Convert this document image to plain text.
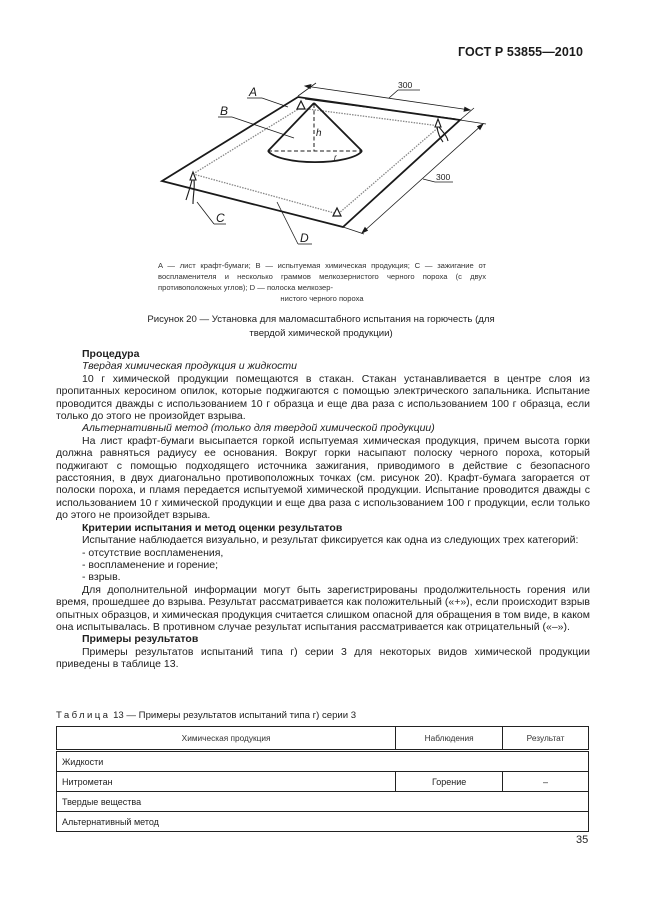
ГОСТ Р 53855—2010
h
r
300
300
A
B
C
D
A — лист крафт-бумаги; B — испытуемая химическая продукция; C — зажигание от воспламенителя и несколько граммов мелкозернистого черного пороха (с двух противоположных углов); D — полоска мелкозер-
нистого черного пороха
Рисунок 20 — Установка для маломасштабного испытания на горючесть (для твердой химической продукции)

Процедура

Твердая химическая продукция и жидкости

10 г химической продукции помещаются в стакан. Стакан устанавливается в центре слоя из пропитанных керосином опилок, которые поджигаются с помощью электрического запальника. Испытание проводится дважды с использованием 10 г образца и еще два раза с использованием 100 г образца, если только до этого не произойдет взрыва.

Альтернативный метод (только для твердой химической продукции)

На лист крафт-бумаги высыпается горкой испытуемая химическая продукция, причем высота горки должна равняться радиусу ее основания. Вокруг горки насыпают полоску черного пороха, который поджигают с помощью подходящего источника зажигания, приводимого в действие с безопасного расстояния, в двух диагонально противоположных точках (см. рисунок 20). Крафт-бумага загорается от полоски пороха, и пламя передается испытуемой химической продукции. Испытание проводится дважды с использованием 10 г химической продукции и еще два раза с использованием 100 г продукции, если только до этого не произойдет взрыва.

Критерии испытания и метод оценки результатов

Испытание наблюдается визуально, и результат фиксируется как одна из следующих трех категорий:

- отсутствие воспламенения,

- воспламенение и горение;

- взрыв.

Для дополнительной информации могут быть зарегистрированы продолжительность горения или время, прошедшее до взрыва. Результат рассматривается как положительный («+»), если происходит взрыв опытных образцов, и химическая продукция считается слишком опасной для обращения в том виде, в каком она испытывалась. В противном случае результат испытания рассматривается как отрицательный («–»).

Примеры результатов

Примеры результатов испытаний типа г) серии 3 для некоторых видов химической продукции приведены в таблице 13.

Таблица 13 — Примеры результатов испытаний типа г) серии 3
Химическая продукция	Наблюдения	Результат
Жидкости		
Нитрометан	Горение	–
Твердые вещества		
Альтернативный метод		
35
